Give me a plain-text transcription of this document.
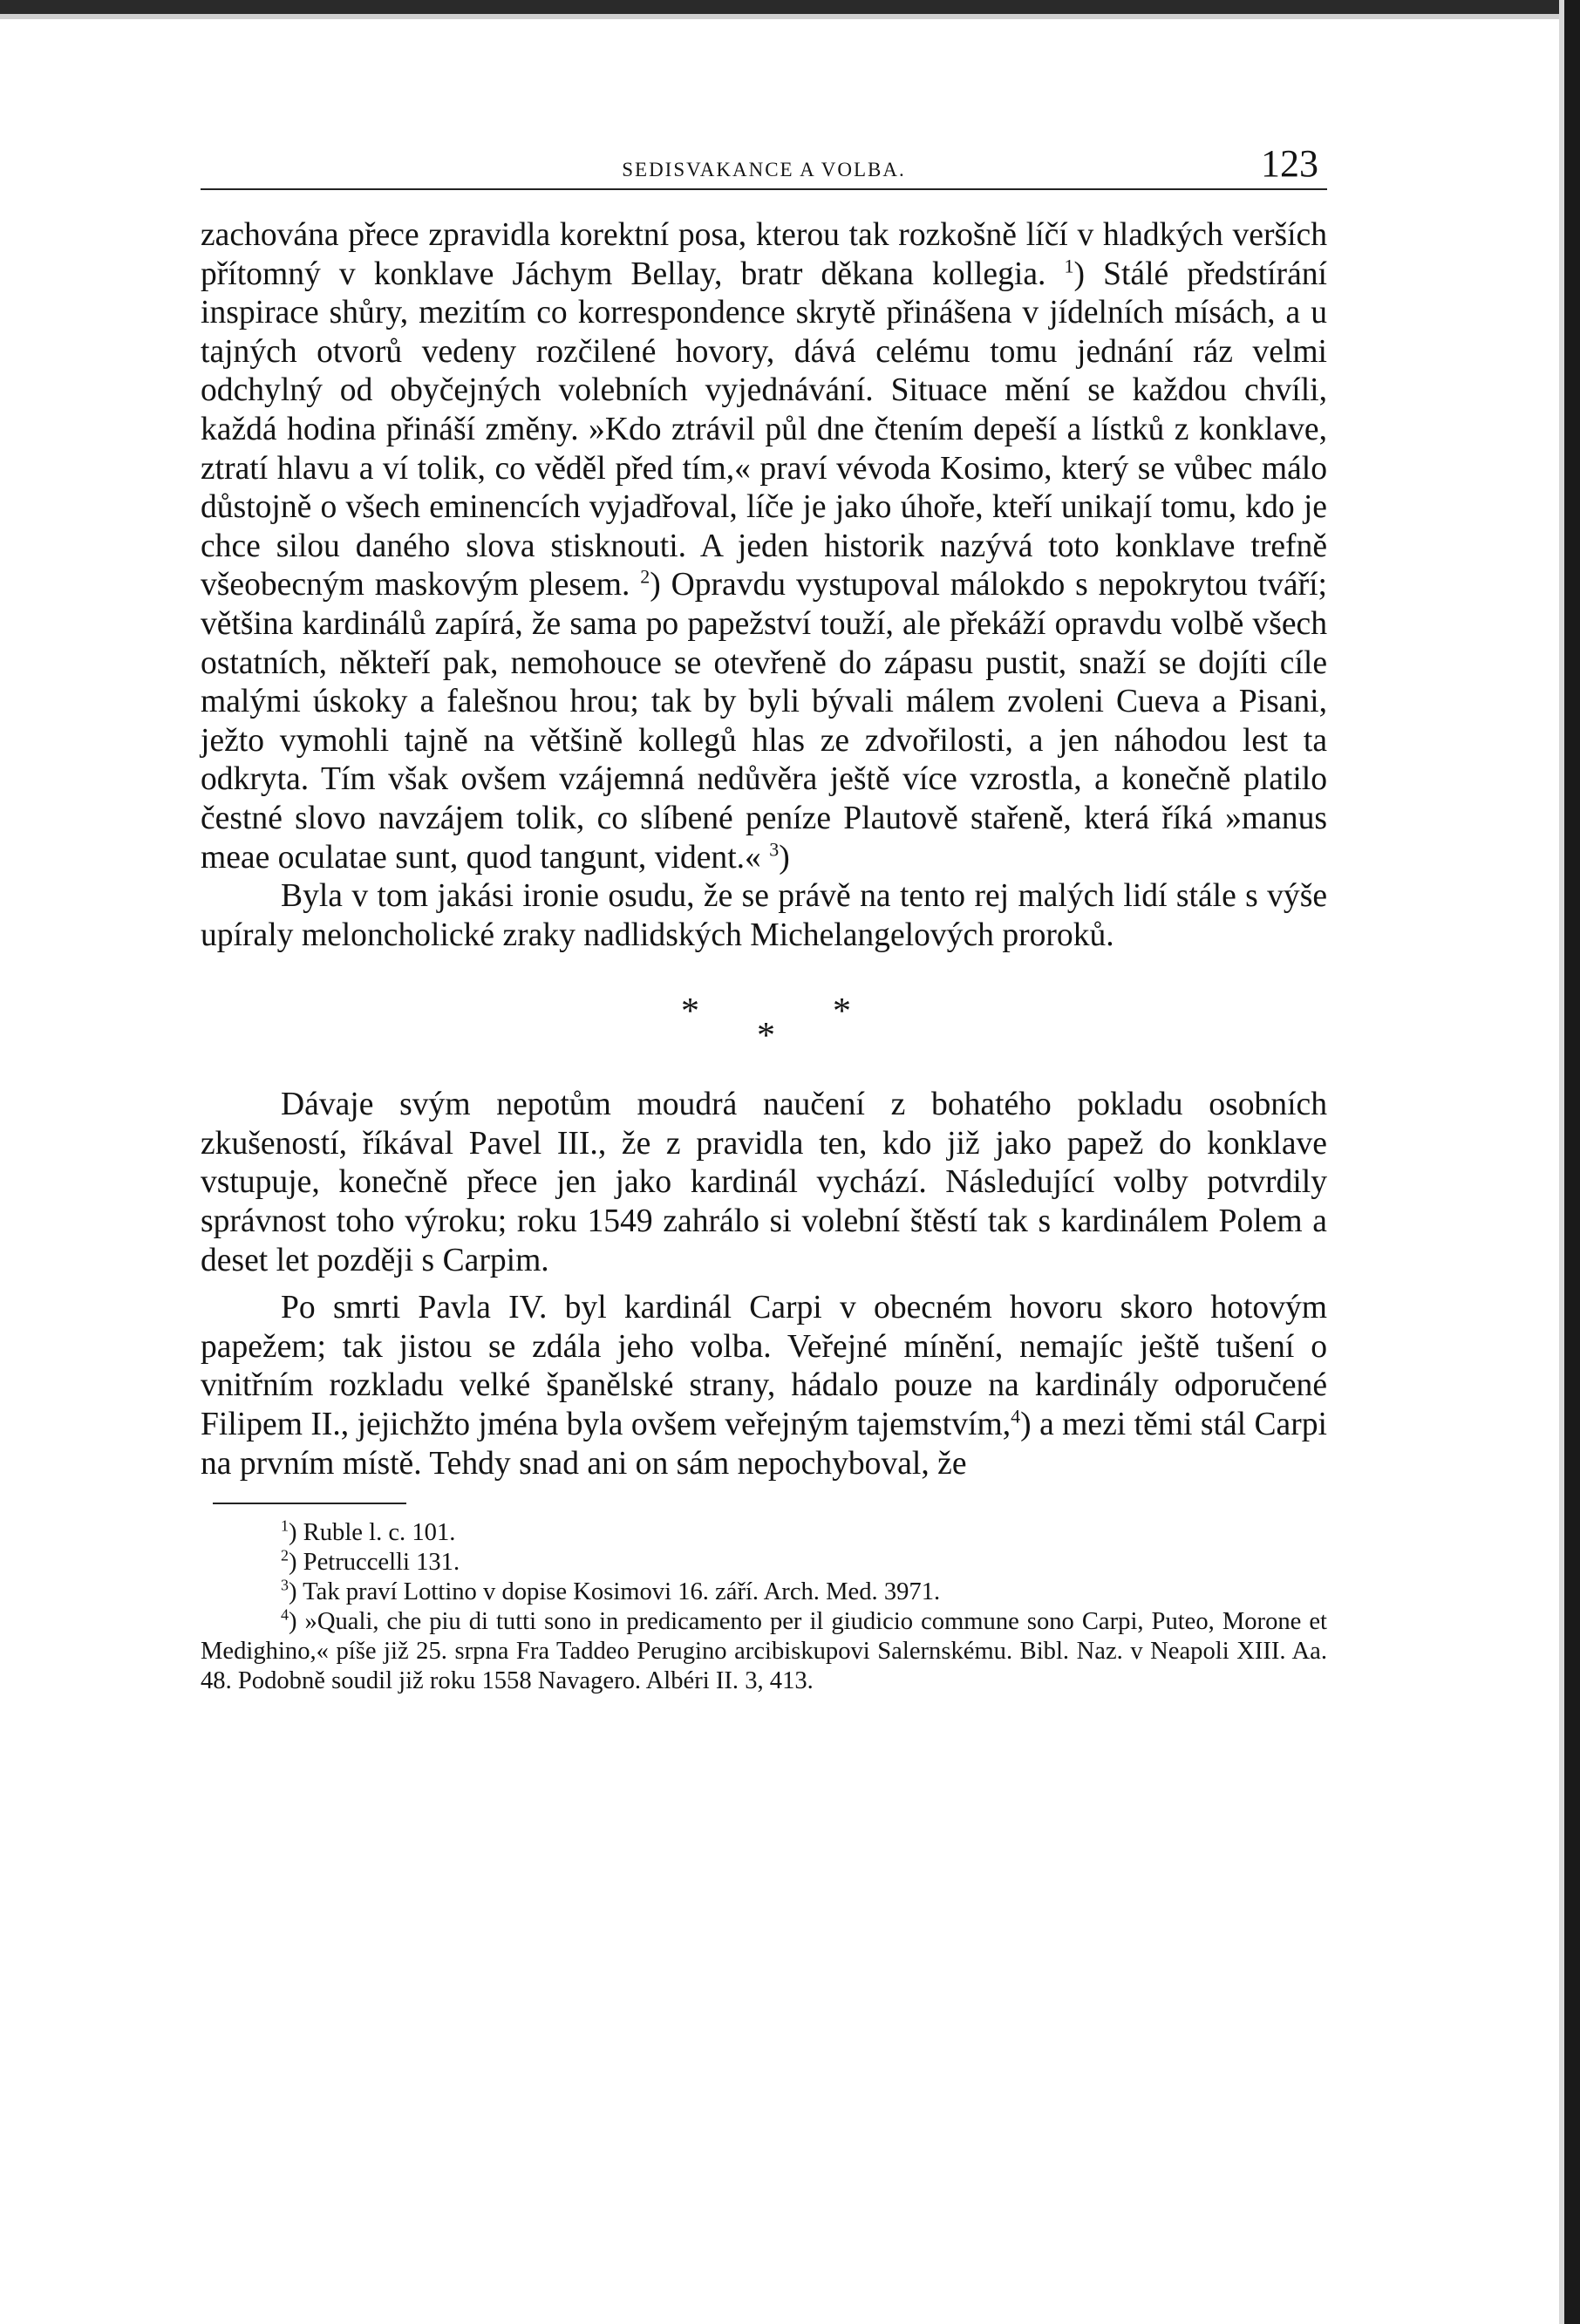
SEDISVAKANCE A VOLBA.	123

zachována přece zpravidla korektní posa, kterou tak rozkošně líčí v hladkých verších přítomný v konklave Jáchym Bellay, bratr děkana kollegia. $^1$) Stálé předstírání inspirace shůry, mezitím co korrespondence skrytě přinášena v jídelních mísách, a u tajných otvorů vedeny rozčilené hovory, dává celému tomu jednání ráz velmi odchylný od obyčejných volebních vyjednávání. Situace mění se každou chvíli, každá hodina přináší změny. »Kdo ztrávil půl dne čtením depeší a lístků z konklave, ztratí hlavu a ví tolik, co věděl před tím,« praví vévoda Kosimo, který se vůbec málo důstojně o všech eminencích vyjadřoval, líče je jako úhoře, kteří unikají tomu, kdo je chce silou daného slova stisknouti. A jeden historik nazývá toto konklave trefně všeobecným maskovým plesem. $^2$) Opravdu vystupoval málokdo s nepokrytou tváří; většina kardinálů zapírá, že sama po papežství touží, ale překáží opravdu volbě všech ostatních, někteří pak, nemohouce se otevřeně do zápasu pustit, snaží se dojíti cíle malými úskoky a falešnou hrou; tak by byli bývali málem zvoleni Cueva a Pisani, ježto vymohli tajně na většině kollegů hlas ze zdvořilosti, a jen náhodou lest ta odkryta. Tím však ovšem vzájemná nedůvěra ještě více vzrostla, a konečně platilo čestné slovo navzájem tolik, co slíbené peníze Plautově stařeně, která říká »manus meae oculatae sunt, quod tangunt, vident.« $^3$)

Byla v tom jakási ironie osudu, že se právě na tento rej malých lidí stále s výše upíraly meloncholické zraky nadlidských Michelangelových proroků.

*	*
*

Dávaje svým nepotům moudrá naučení z bohatého pokladu osobních zkušeností, říkával Pavel III., že z pravidla ten, kdo již jako papež do konklave vstupuje, konečně přece jen jako kardinál vychází. Následující volby potvrdily správnost toho výroku; roku 1549 zahrálo si volební štěstí tak s kardinálem Polem a deset let později s Carpim.

Po smrti Pavla IV. byl kardinál Carpi v obecném hovoru skoro hotovým papežem; tak jistou se zdála jeho volba. Veřejné mínění, nemajíc ještě tušení o vnitřním rozkladu velké španělské strany, hádalo pouze na kardinály odporučené Filipem II., jejichžto jména byla ovšem veřejným tajemstvím,$^4$) a mezi těmi stál Carpi na prvním místě. Tehdy snad ani on sám nepochyboval, že

$^1$) Ruble l. c. 101.

$^2$) Petruccelli 131.

$^3$) Tak praví Lottino v dopise Kosimovi 16. září. Arch. Med. 3971.

$^4$) »Quali, che piu di tutti sono in predicamento per il giudicio commune sono Carpi, Puteo, Morone et Medighino,« píše již 25. srpna Fra Taddeo Perugino arcibiskupovi Salernskému. Bibl. Naz. v Neapoli XIII. Aa. 48. Podobně soudil již roku 1558 Navagero. Albéri II. 3, 413.
